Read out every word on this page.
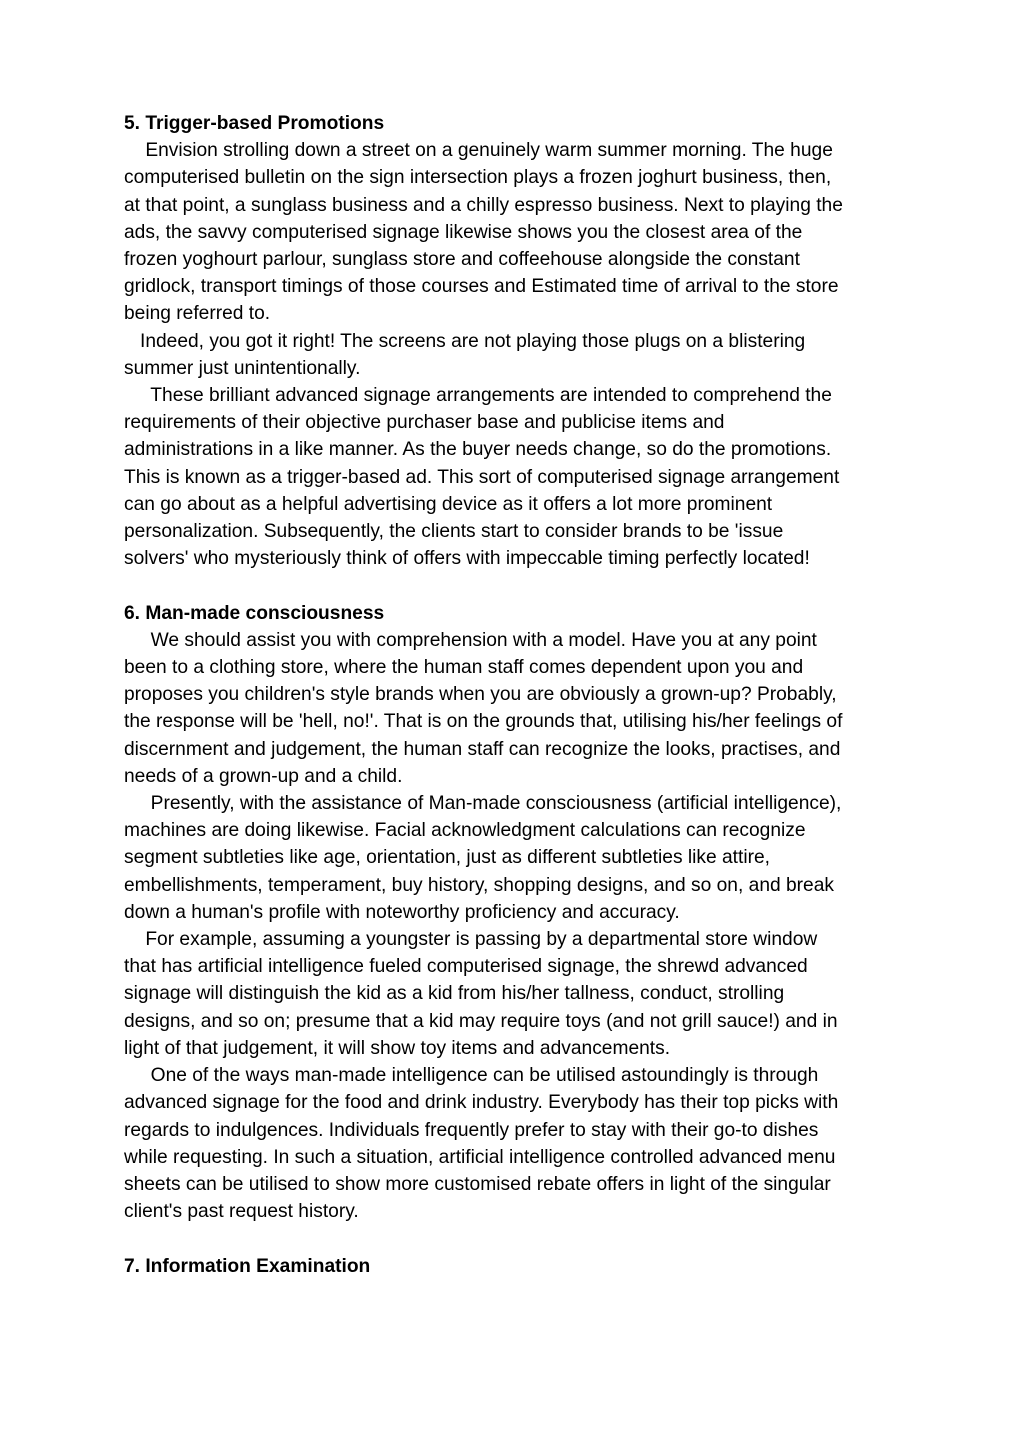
5. Trigger-based Promotions

Envision strolling down a street on a genuinely warm summer morning. The huge
computerised bulletin on the sign intersection plays a frozen joghurt business, then,
at that point, a sunglass business and a chilly espresso business. Next to playing the
ads, the savvy computerised signage likewise shows you the closest area of the
frozen yoghourt parlour, sunglass store and coffeehouse alongside the constant
gridlock, transport timings of those courses and Estimated time of arrival to the store
being referred to.

Indeed, you got it right! The screens are not playing those plugs on a blistering
summer just unintentionally.

These brilliant advanced signage arrangements are intended to comprehend the
requirements of their objective purchaser base and publicise items and
administrations in a like manner. As the buyer needs change, so do the promotions.
This is known as a trigger-based ad. This sort of computerised signage arrangement
can go about as a helpful advertising device as it offers a lot more prominent
personalization. Subsequently, the clients start to consider brands to be 'issue
solvers' who mysteriously think of offers with impeccable timing perfectly located!

6. Man-made consciousness

We should assist you with comprehension with a model. Have you at any point
been to a clothing store, where the human staff comes dependent upon you and
proposes you children's style brands when you are obviously a grown-up? Probably,
the response will be 'hell, no!'. That is on the grounds that, utilising his/her feelings of
discernment and judgement, the human staff can recognize the looks, practises, and
needs of a grown-up and a child.

Presently, with the assistance of Man-made consciousness (artificial intelligence),
machines are doing likewise. Facial acknowledgment calculations can recognize
segment subtleties like age, orientation, just as different subtleties like attire,
embellishments, temperament, buy history, shopping designs, and so on, and break
down a human's profile with noteworthy proficiency and accuracy.

For example, assuming a youngster is passing by a departmental store window
that has artificial intelligence fueled computerised signage, the shrewd advanced
signage will distinguish the kid as a kid from his/her tallness, conduct, strolling
designs, and so on; presume that a kid may require toys (and not grill sauce!) and in
light of that judgement, it will show toy items and advancements.

One of the ways man-made intelligence can be utilised astoundingly is through
advanced signage for the food and drink industry. Everybody has their top picks with
regards to indulgences. Individuals frequently prefer to stay with their go-to dishes
while requesting. In such a situation, artificial intelligence controlled advanced menu
sheets can be utilised to show more customised rebate offers in light of the singular
client's past request history.

7. Information Examination
